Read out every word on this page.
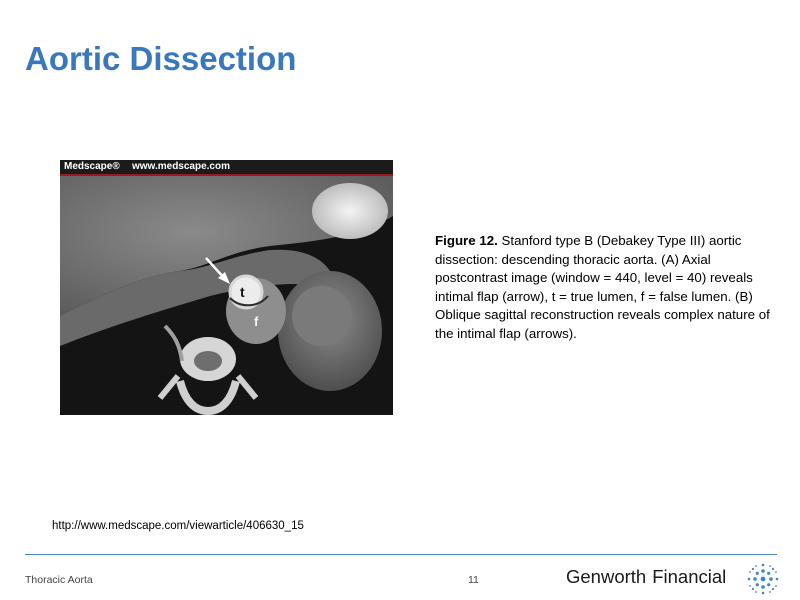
Aortic Dissection
Medscape® www.medscape.com
t
f

Figure 12. Stanford type B (Debakey Type III) aortic dissection: descending thoracic aorta. (A) Axial postcontrast image (window = 440, level = 40) reveals intimal flap (arrow), t = true lumen, f = false lumen. (B) Oblique sagittal reconstruction reveals complex nature of the intimal flap (arrows).

http://www.medscape.com/viewarticle/406630_15
Thoracic Aorta	11	Genworth Financial
